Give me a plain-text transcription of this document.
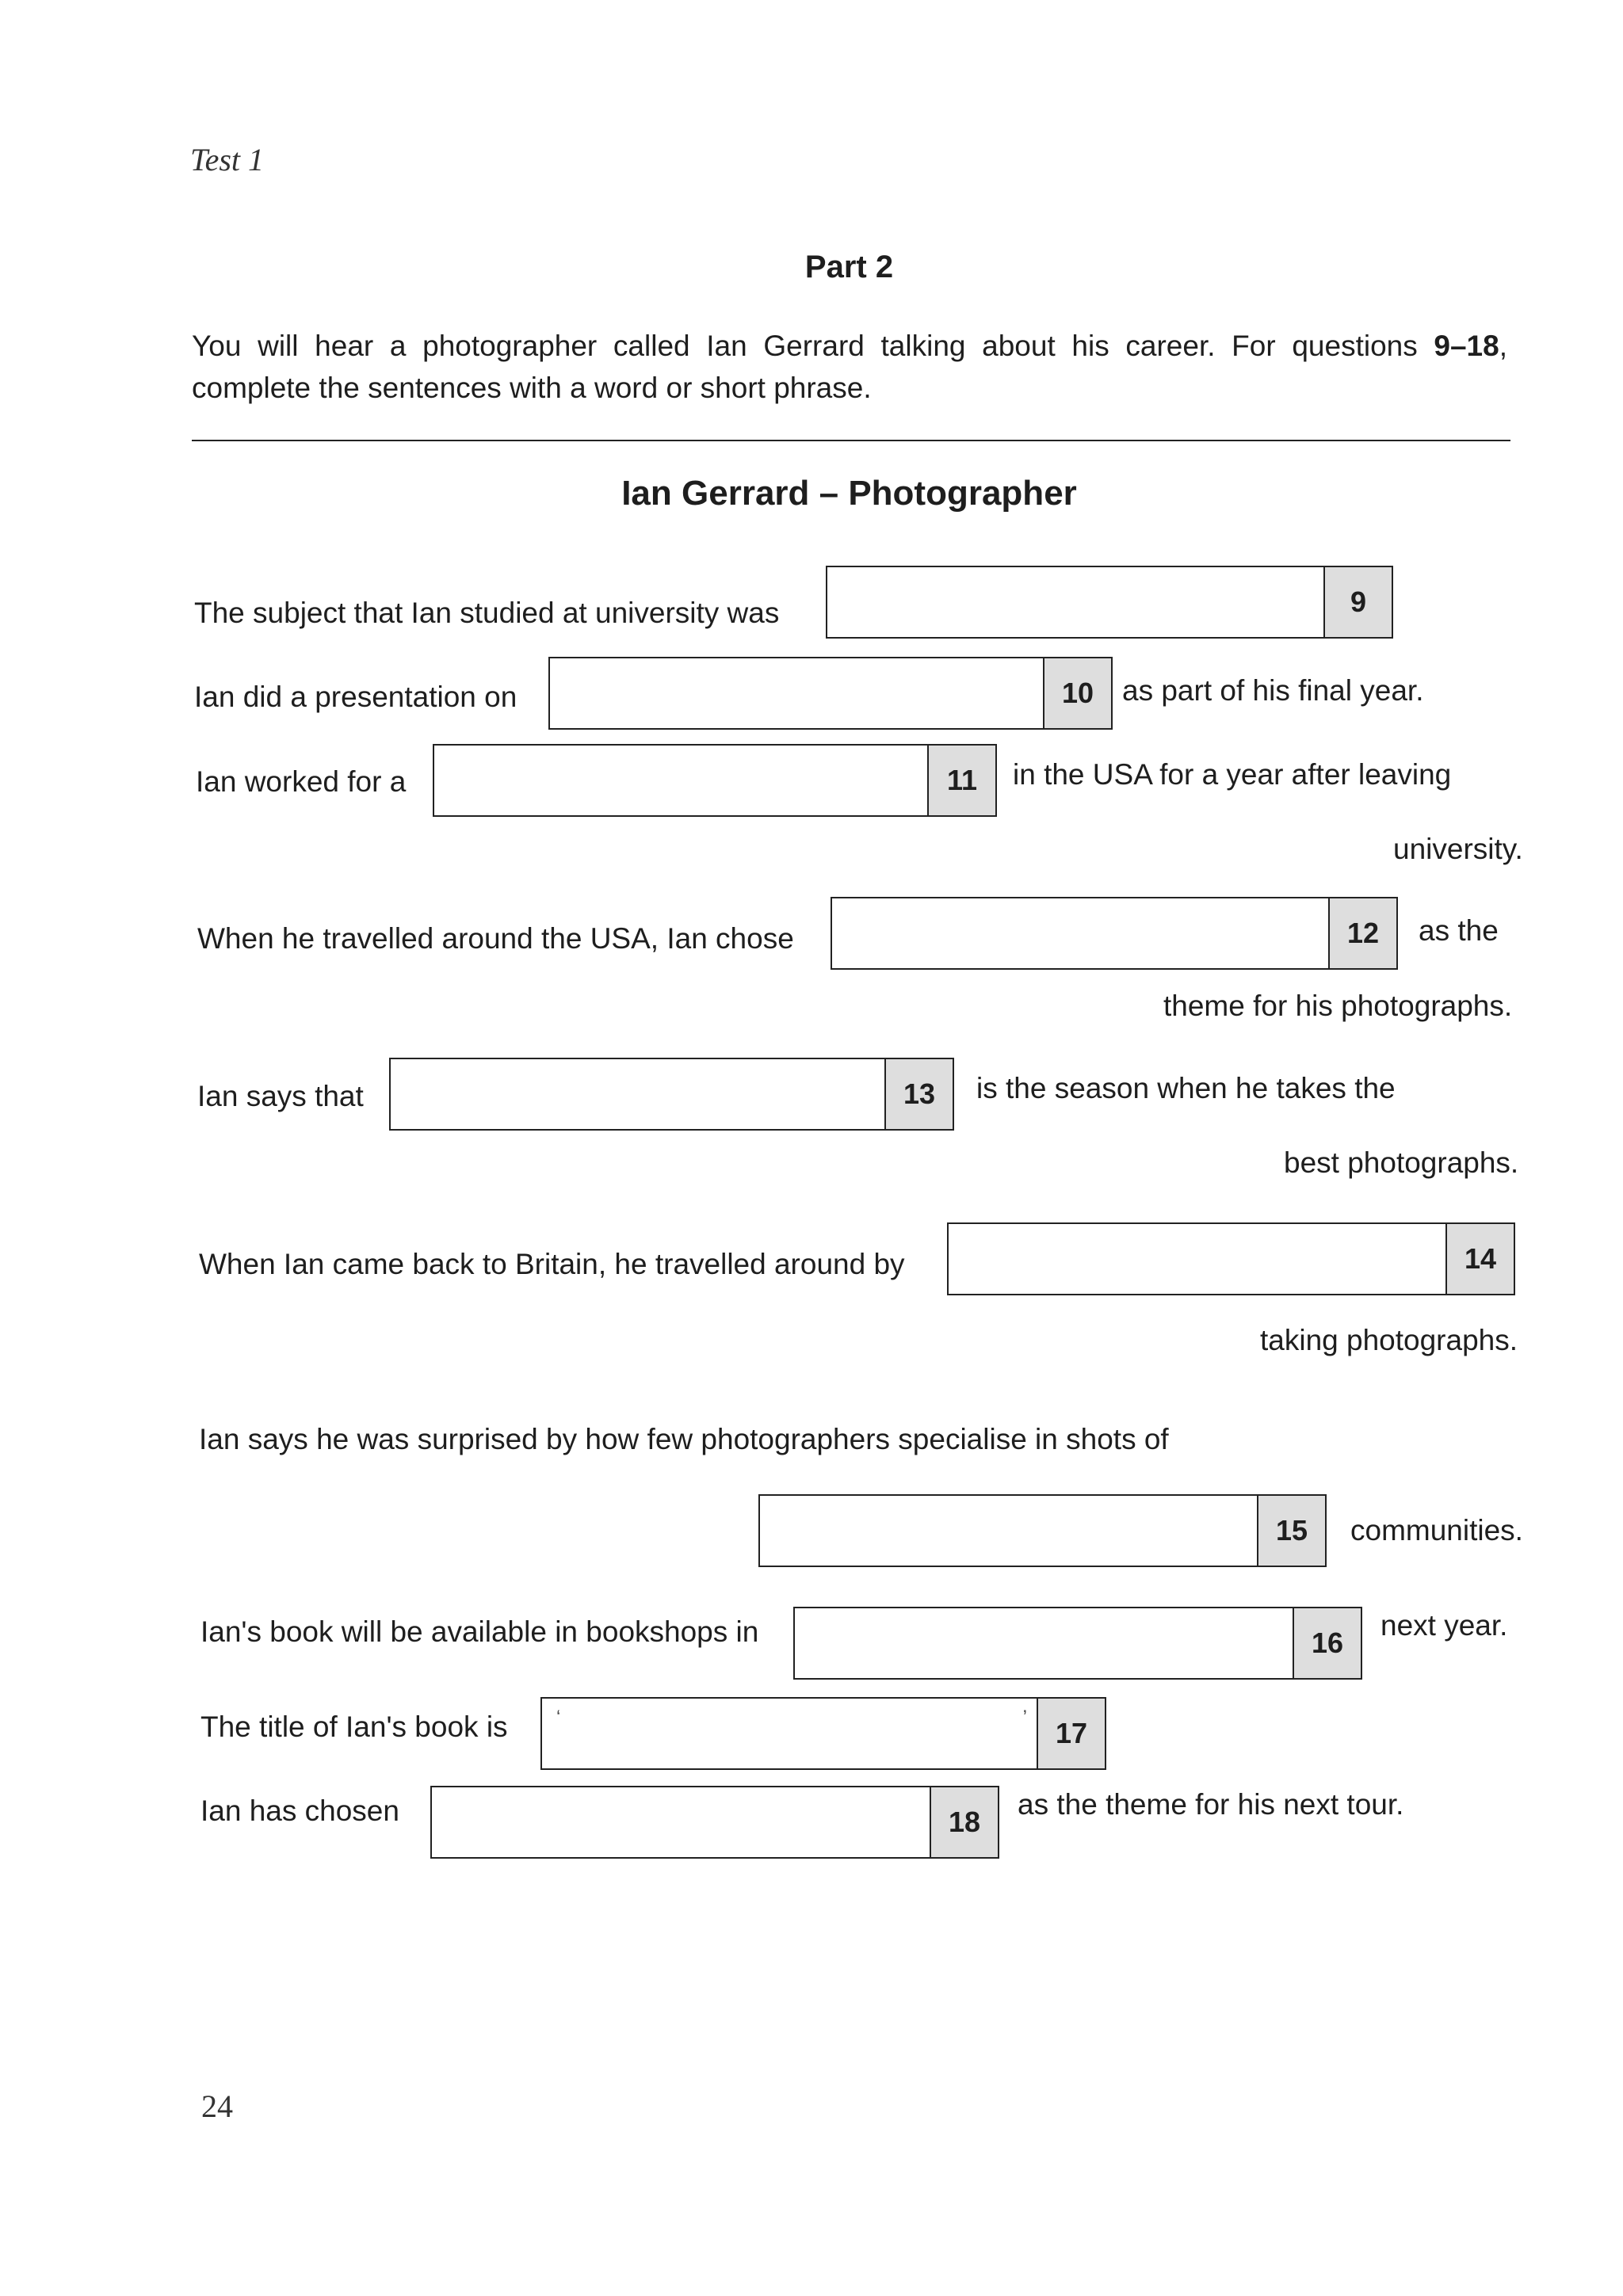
Test 1
Part 2
You will hear a photographer called Ian Gerrard talking about his career. For questions 9–18, complete the sentences with a word or short phrase.
Ian Gerrard – Photographer
The subject that Ian studied at university was	9
Ian did a presentation on	10 as part of his final year.
Ian worked for a	11	in the USA for a year after leaving
university.
When he travelled around the USA, Ian chose	12	as the
theme for his photographs.
Ian says that	13	is the season when he takes the
best photographs.
When Ian came back to Britain, he travelled around by	14
taking photographs.
Ian says he was surprised by how few photographers specialise in shots of
15	communities.
Ian's book will be available in bookshops in	16
next year.
The title of Ian's book is	‘	’ 17
Ian has chosen	18
as the theme for his next tour.
24
